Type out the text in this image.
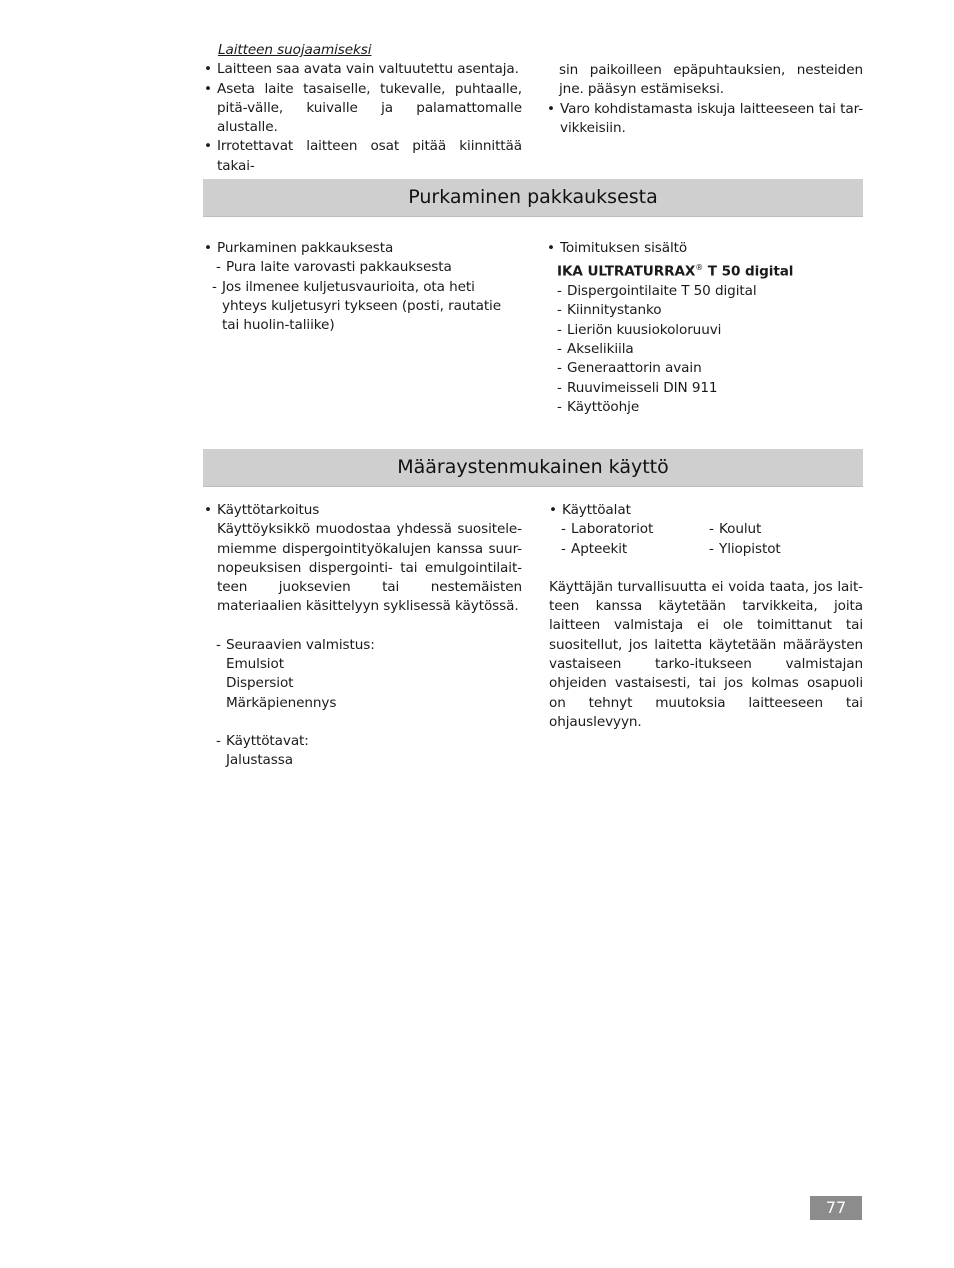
Laitteen suojaamiseksi
• Laitteen saa avata vain valtuutettu asentaja.
• Aseta laite tasaiselle, tukevalle, puhtaalle, pitä-välle, kuivalle ja palamattomalle alustalle.
• Irrotettavat laitteen osat pitää kiinnittää takai-
sin paikoilleen epäpuhtauksien, nesteiden jne. pääsyn estämiseksi.
• Varo kohdistamasta iskuja laitteeseen tai tar-vikkeisiin.
Purkaminen pakkauksesta
• Purkaminen pakkauksesta
- Pura laite varovasti pakkauksesta
- Jos ilmenee kuljetusvaurioita, ota heti yhteys kuljetusyri tykseen (posti, rautatie tai huolin-taliike)
• Toimituksen sisältö
IKA ULTRATURRAX® T 50 digital
- Dispergointilaite T 50 digital
- Kiinnitystanko
- Lieriön kuusiokoloruuvi
- Akselikiila
- Generaattorin avain
- Ruuvimeisseli DIN 911
- Käyttöohje
Määraystenmukainen käyttö
• Käyttötarkoitus
Käyttöyksikkö muodostaa yhdessä suositele-miemme dispergointityökalujen kanssa suur-nopeuksisen dispergointi- tai emulgointilait-teen juoksevien tai nestemäisten materiaalien käsittelyyn syklisessä käytössä.
- Seuraavien valmistus:
Emulsiot
Dispersiot
Märkäpienennys
- Käyttötavat:
Jalustassa
• Käyttöalat
- Laboratoriot	- Koulut
- Apteekit	- Yliopistot
Käyttäjän turvallisuutta ei voida taata, jos lait-teen kanssa käytetään tarvikkeita, joita laitteen valmistaja ei ole toimittanut tai suositellut, jos laitetta käytetään määräysten vastaiseen tarko-itukseen valmistajan ohjeiden vastaisesti, tai jos kolmas osapuoli on tehnyt muutoksia laitteeseen tai ohjauslevyyn.
77
